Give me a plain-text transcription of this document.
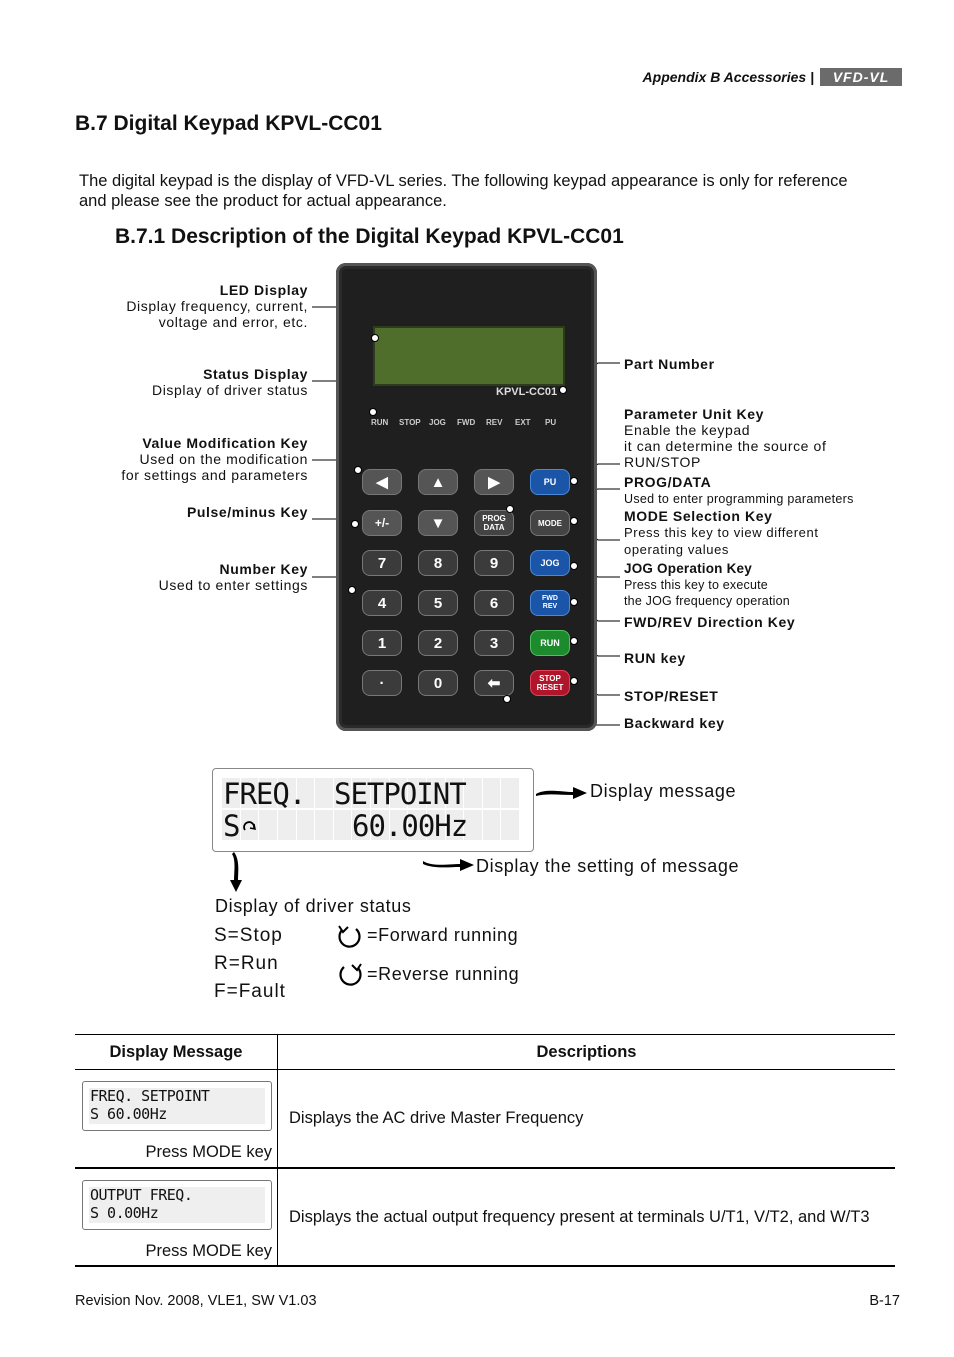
Appendix B Accessories |	VFD-VL
B.7 Digital Keypad KPVL-CC01
The digital keypad is the display of VFD-VL series. The following keypad appearance is only for reference and please see the product for actual appearance.
B.7.1 Description of the Digital Keypad KPVL-CC01
LED Display
Display frequency, current,
voltage and error, etc.
Status Display
Display of driver status
Value Modification Key
Used on the modification
for settings and parameters
Pulse/minus Key
Number Key
Used to enter settings
Part Number
Parameter Unit Key
Enable the keypad
it can determine the source of
RUN/STOP
PROG/DATA
Used to enter programming parameters
MODE Selection Key
Press this key to view different
operating values
JOG Operation Key
Press this key to execute
the JOG frequency operation
FWD/REV Direction Key
RUN key
STOP/RESET
Backward key
KPVL-CC01
RUN STOP JOG FWD REV EXT PU
◀	▲	▶
+/-	▼	PROG
DATA
PU
MODE
JOG
FWD
REV
RUN
STOP
RESET
7	8	9
4	5	6
1	2	3
·	0	⬅
FREQ. SETPOINT
S	60.00Hz
Display message
Display the setting of message
Display of driver status
S=Stop
R=Run
F=Fault
=Forward running
=Reverse running
Display Message	Descriptions

FREQ. SETPOINT
S 60.00Hz
Press MODE key	Displays the AC drive Master Frequency

OUTPUT FREQ.
S 0.00Hz
Press MODE key	Displays the actual output frequency present at terminals U/T1, V/T2, and W/T3
Revision Nov. 2008, VLE1, SW V1.03	B-17
